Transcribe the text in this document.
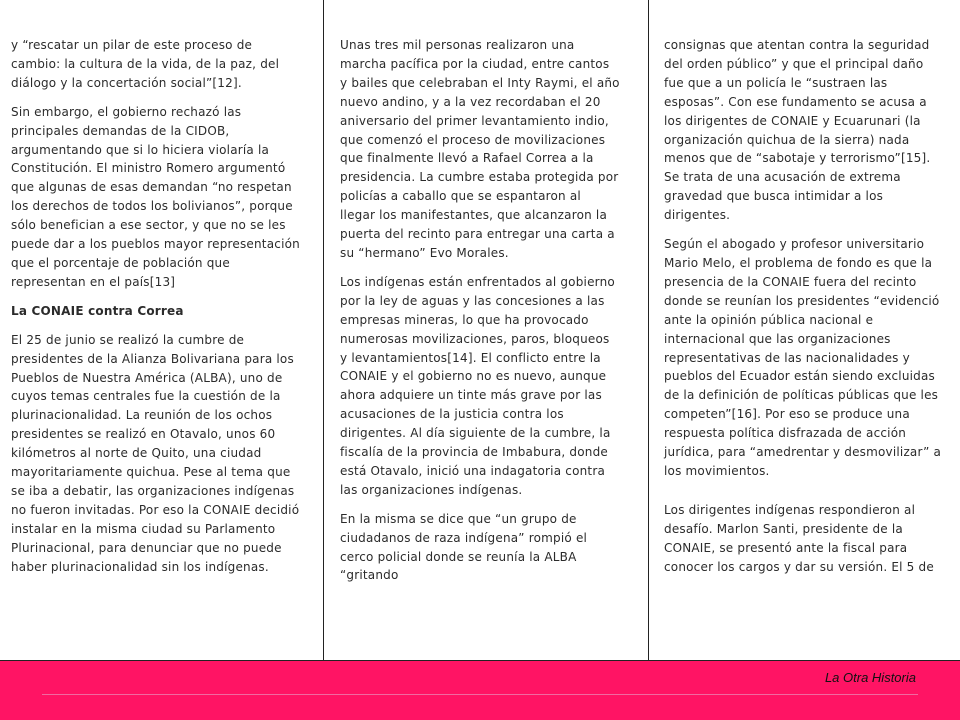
y “rescatar un pilar de este proceso de cambio: la cultura de la vida, de la paz, del diálogo y la concertación social”[12].

Sin embargo, el gobierno rechazó las principales demandas de la CIDOB, argumentando que si lo hiciera violaría la Constitución. El ministro Romero argumentó que algunas de esas demandan “no respetan los derechos de todos los bolivianos”, porque sólo benefician a ese sector, y que no se les puede dar a los pueblos mayor representación que el porcentaje de población que representan en el país[13]

La CONAIE contra Correa

El 25 de junio se realizó la cumbre de presidentes de la Alianza Bolivariana para los Pueblos de Nuestra América (ALBA), uno de cuyos temas centrales fue la cuestión de la plurinacionalidad. La reunión de los ochos presidentes se realizó en Otavalo, unos 60 kilómetros al norte de Quito, una ciudad mayoritariamente quichua. Pese al tema que se iba a debatir, las organizaciones indígenas no fueron invitadas. Por eso la CONAIE decidió instalar en la misma ciudad su Parlamento Plurinacional, para denunciar que no puede haber plurinacionalidad sin los indígenas.

Unas tres mil personas realizaron una marcha pacífica por la ciudad, entre cantos y bailes que celebraban el Inty Raymi, el año nuevo andino, y a la vez recordaban el 20 aniversario del primer levantamiento indio, que comenzó el proceso de movilizaciones que finalmente llevó a Rafael Correa a la presidencia. La cumbre estaba protegida por policías a caballo que se espantaron al llegar los manifestantes, que alcanzaron la puerta del recinto para entregar una carta a su “hermano” Evo Morales.

Los indígenas están enfrentados al gobierno por la ley de aguas y las concesiones a las empresas mineras, lo que ha provocado numerosas movilizaciones, paros, bloqueos y levantamientos[14]. El conflicto entre la CONAIE y el gobierno no es nuevo, aunque ahora adquiere un tinte más grave por las acusaciones de la justicia contra los dirigentes. Al día siguiente de la cumbre, la fiscalía de la provincia de Imbabura, donde está Otavalo, inició una indagatoria contra las organizaciones indígenas.

En la misma se dice que “un grupo de ciudadanos de raza indígena” rompió el cerco policial donde se reunía la ALBA “gritando

consignas que atentan contra la seguridad del orden público” y que el principal daño fue que a un policía le “sustraen las esposas”. Con ese fundamento se acusa a los dirigentes de CONAIE y Ecuarunari (la organización quichua de la sierra) nada menos que de “sabotaje y terrorismo”[15]. Se trata de una acusación de extrema gravedad que busca intimidar a los dirigentes.

Según el abogado y profesor universitario Mario Melo, el problema de fondo es que la presencia de la CONAIE fuera del recinto donde se reunían los presidentes “evidenció ante la opinión pública nacional e internacional que las organizaciones representativas de las nacionalidades y pueblos del Ecuador están siendo excluidas de la definición de políticas públicas que les competen”[16]. Por eso se produce una respuesta política disfrazada de acción jurídica, para “amedrentar y desmovilizar” a los movimientos.

Los dirigentes indígenas respondieron al desafío. Marlon Santi, presidente de la CONAIE, se presentó ante la fiscal para conocer los cargos y dar su versión. El 5 de

La Otra Historia
